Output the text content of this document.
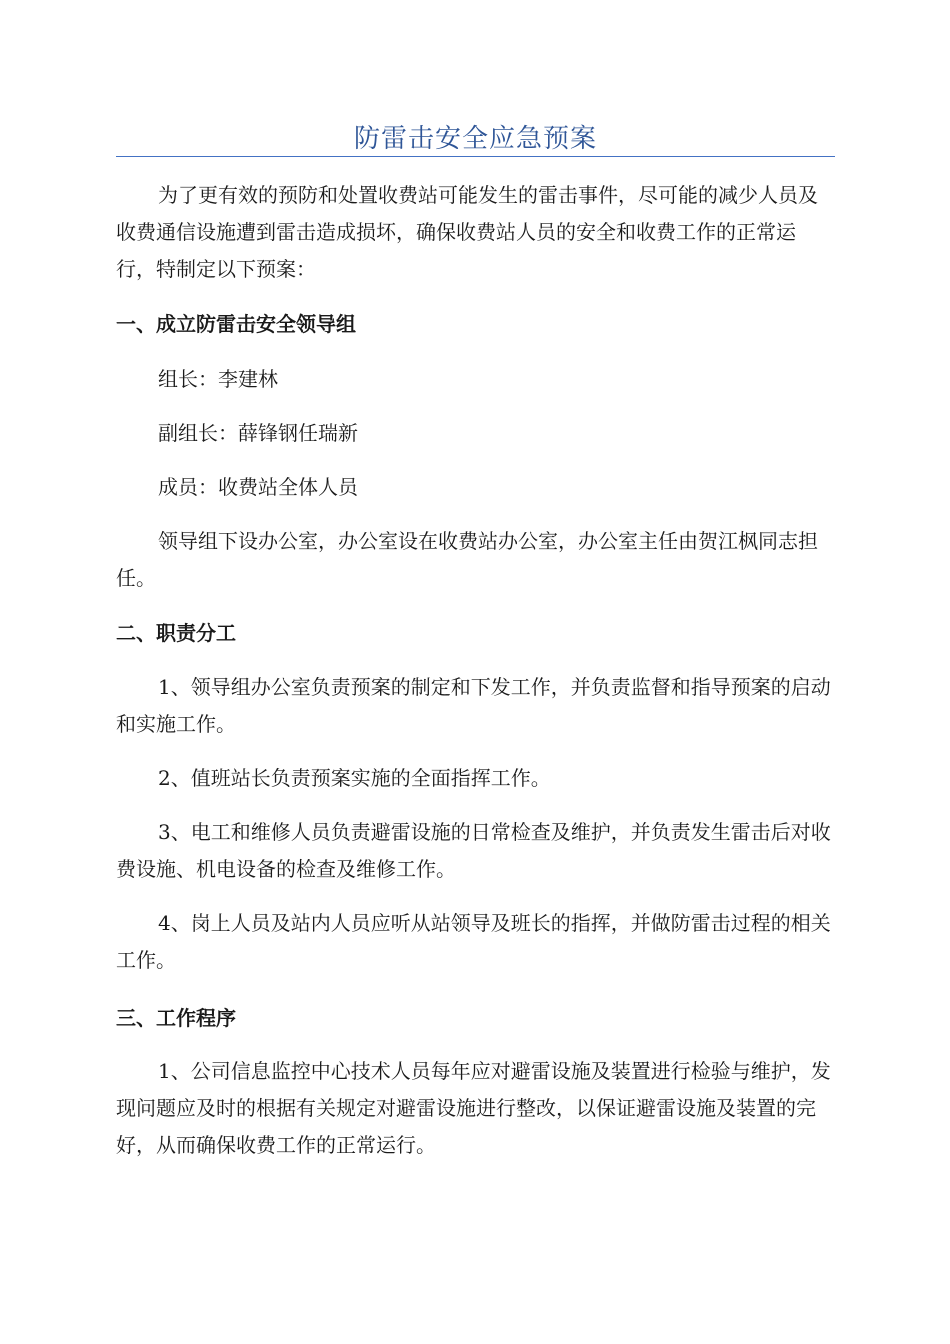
防雷击安全应急预案

为了更有效的预防和处置收费站可能发生的雷击事件，尽可能的减少人员及收费通信设施遭到雷击造成损坏，确保收费站人员的安全和收费工作的正常运行，特制定以下预案：

一、成立防雷击安全领导组

组长：李建林

副组长：薛锋钢任瑞新

成员：收费站全体人员

领导组下设办公室，办公室设在收费站办公室，办公室主任由贺江枫同志担任。

二、职责分工

1、领导组办公室负责预案的制定和下发工作，并负责监督和指导预案的启动和实施工作。

2、值班站长负责预案实施的全面指挥工作。

3、电工和维修人员负责避雷设施的日常检查及维护，并负责发生雷击后对收费设施、机电设备的检查及维修工作。

4、岗上人员及站内人员应听从站领导及班长的指挥，并做防雷击过程的相关工作。

三、工作程序

1、公司信息监控中心技术人员每年应对避雷设施及装置进行检验与维护，发现问题应及时的根据有关规定对避雷设施进行整改，以保证避雷设施及装置的完好，从而确保收费工作的正常运行。
